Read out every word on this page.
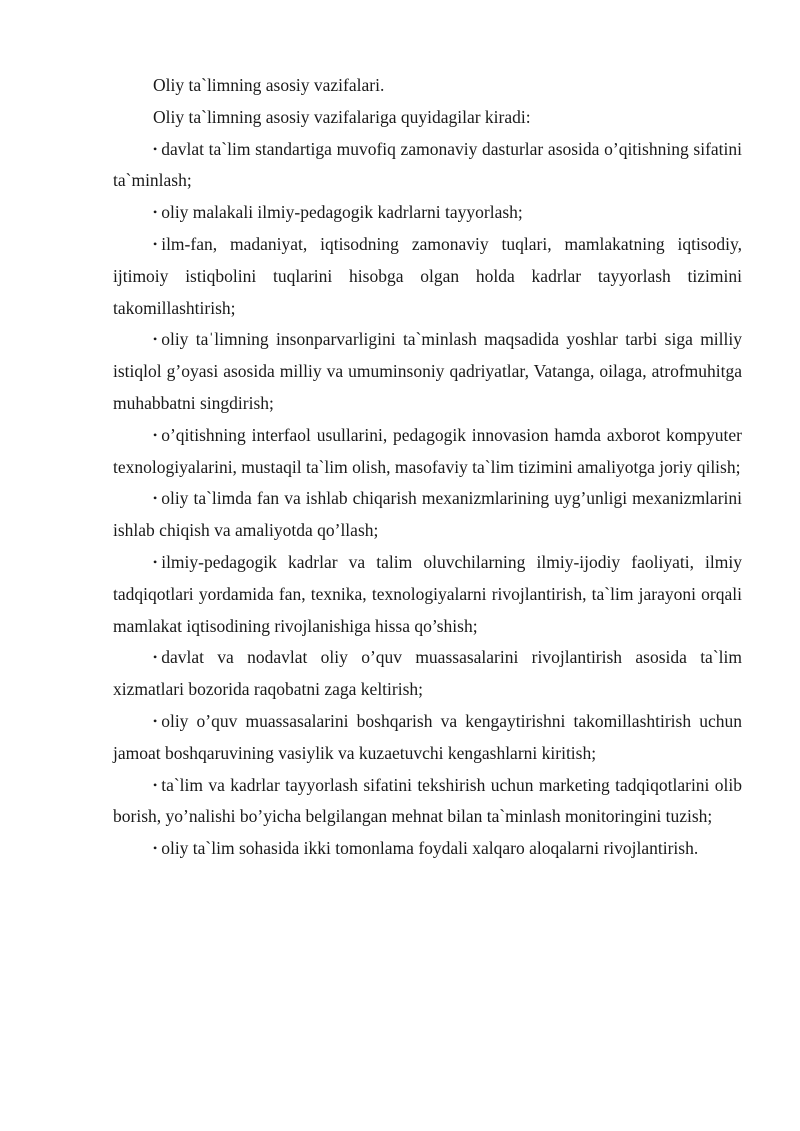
Oliy ta`limning asosiy vazifalari.

Oliy ta`limning asosiy vazifalariga quyidagilar kiradi:

• davlat ta`lim standartiga muvofiq zamonaviy dasturlar asosida o’qitishning sifatini ta`minlash;

• oliy malakali ilmiy-pedagogik kadrlarni tayyorlash;

• ilm-fan, madaniyat, iqtisodning zamonaviy tuqlari, mamlakatning iqtisodiy, ijtimoiy istiqbolini tuqlarini hisobga olgan holda kadrlar tayyorlash tizimini takomillashtirish;

• oliy taˈlimning insonparvarligini ta`minlash maqsadida yoshlar tarbi siga milliy istiqlol g’oyasi asosida milliy va umuminsoniy qadriyatlar, Vatanga, oilaga, atrofmuhitga muhabbatni singdirish;

• o’qitishning interfaol usullarini, pedagogik innovasion hamda axborot kompyuter texnologiyalarini, mustaqil ta`lim olish, masofaviy ta`lim tizimini amaliyotga joriy qilish;

• oliy ta`limda fan va ishlab chiqarish mexanizmlarining uyg’unligi mexanizmlarini ishlab chiqish va amaliyotda qo’llash;

• ilmiy-pedagogik kadrlar va talim oluvchilarning ilmiy-ijodiy faoliyati, ilmiy tadqiqotlari yordamida fan, texnika, texnologiyalarni rivojlantirish, ta`lim jarayoni orqali mamlakat iqtisodining rivojlanishiga hissa qo’shish;

• davlat va nodavlat oliy o’quv muassasalarini rivojlantirish asosida ta`lim xizmatlari bozorida raqobatni zaga keltirish;

• oliy o’quv muassasalarini boshqarish va kengaytirishni takomillashtirish uchun jamoat boshqaruvining vasiylik va kuzaetuvchi kengashlarni kiritish;

• ta`lim va kadrlar tayyorlash sifatini tekshirish uchun marketing tadqiqotlarini olib borish, yo’nalishi bo’yicha belgilangan mehnat bilan ta`minlash monitoringini tuzish;

• oliy ta`lim sohasida ikki tomonlama foydali xalqaro aloqalarni rivojlantirish.
